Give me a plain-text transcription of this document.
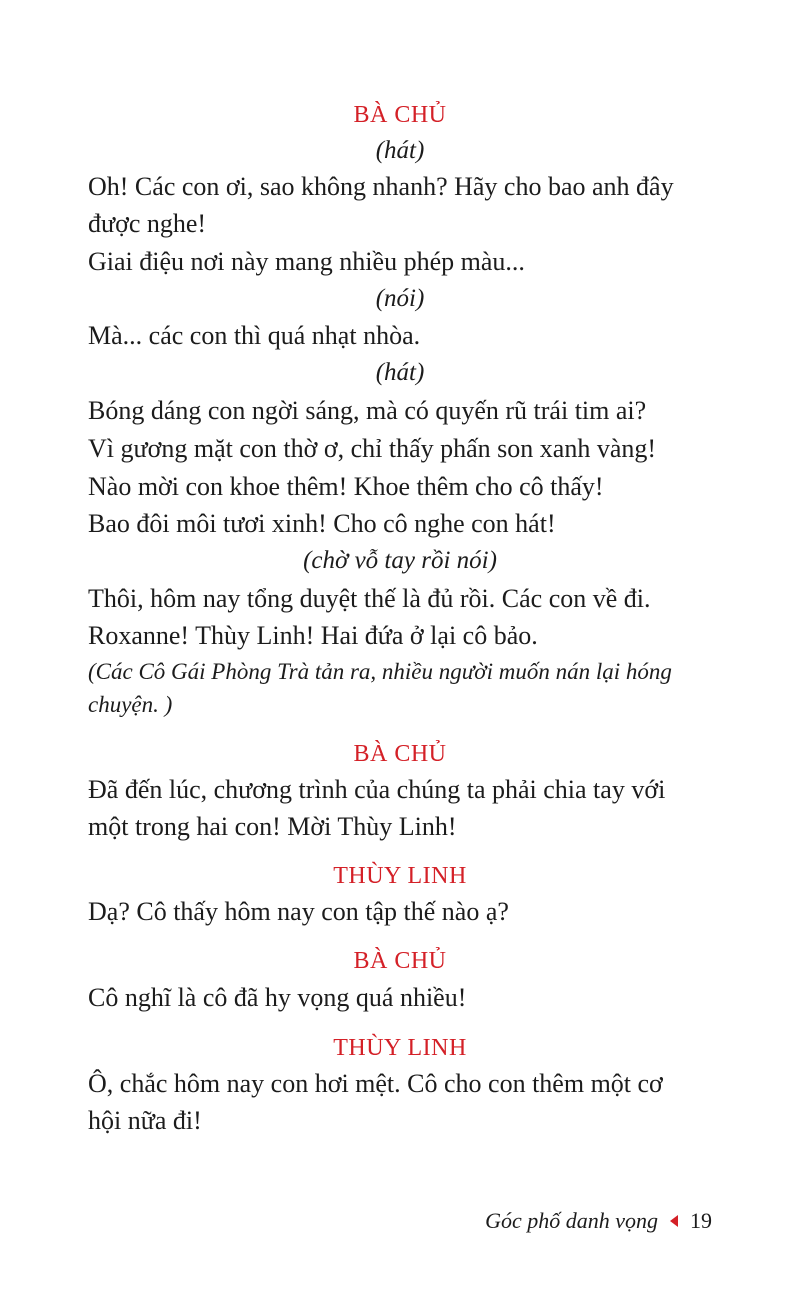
BÀ CHỦ
(hát)
Oh! Các con ơi, sao không nhanh? Hãy cho bao anh đây
được nghe!
Giai điệu nơi này mang nhiều phép màu...
(nói)
Mà... các con thì quá nhạt nhòa.
(hát)
Bóng dáng con ngời sáng, mà có quyến rũ trái tim ai?
Vì gương mặt con thờ ơ, chỉ thấy phấn son xanh vàng!
Nào mời con khoe thêm! Khoe thêm cho cô thấy!
Bao đôi môi tươi xinh! Cho cô nghe con hát!
(chờ vỗ tay rồi nói)
Thôi, hôm nay tổng duyệt thế là đủ rồi. Các con về đi.
Roxanne! Thùy Linh! Hai đứa ở lại cô bảo.
(Các Cô Gái Phòng Trà tản ra, nhiều người muốn nán lại hóng
chuyện. )
BÀ CHỦ
Đã đến lúc, chương trình của chúng ta phải chia tay với
một trong hai con! Mời Thùy Linh!
THÙY LINH
Dạ? Cô thấy hôm nay con tập thế nào ạ?
BÀ CHỦ
Cô nghĩ là cô đã hy vọng quá nhiều!
THÙY LINH
Ô, chắc hôm nay con hơi mệt. Cô cho con thêm một cơ
hội nữa đi!
Góc phố danh vọng 19
